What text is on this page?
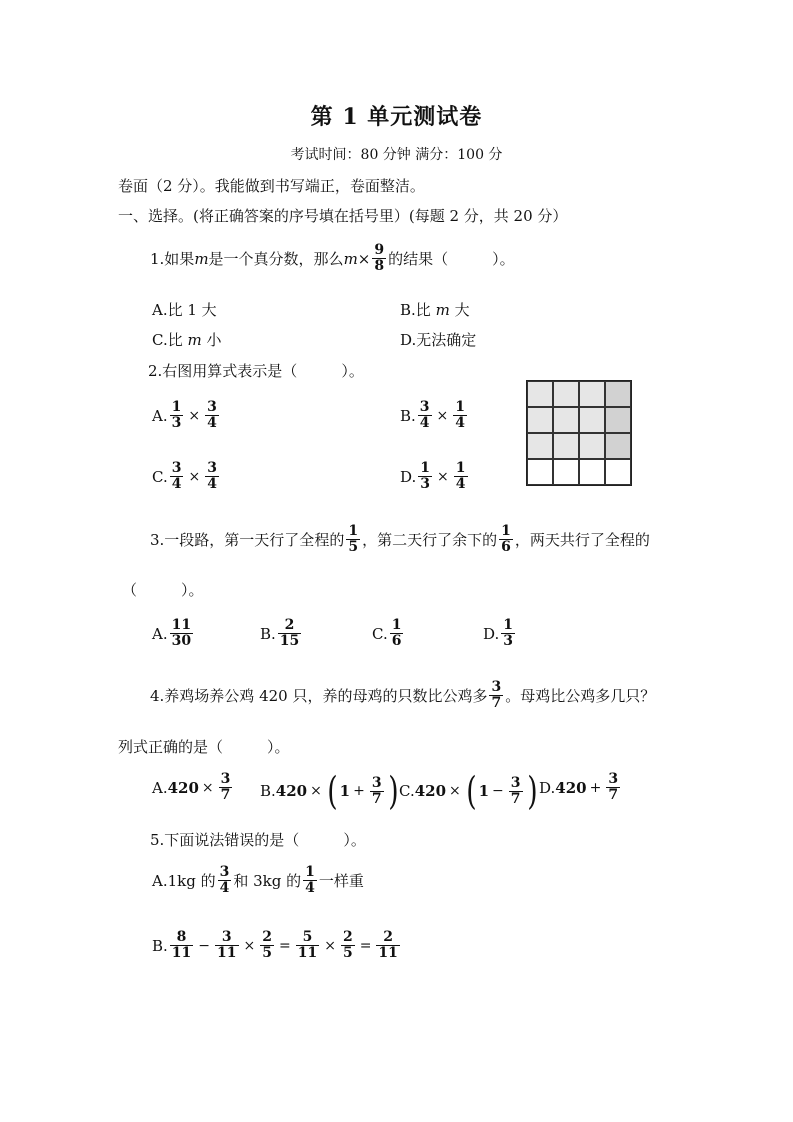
第 1 单元测试卷
考试时间：80 分钟 满分：100 分
卷面（2 分）。我能做到书写端正，卷面整洁。
一、选择。(将正确答案的序号填在括号里）(每题 2 分，共 20 分）
1.如果 m 是一个真分数，那么 $m \times \frac{9}{8}$ 的结果（	）。
A.比 1 大	B.比 m 大
C.比 m 小	D.无法确定
2.右图用算式表示是（	）。
A. $\frac{1}{3} \times \frac{3}{4}$	B. $\frac{3}{4} \times \frac{1}{4}$
C. $\frac{3}{4} \times \frac{3}{4}$	D. $\frac{1}{3} \times \frac{1}{4}$
3.一段路，第一天行了全程的 $\frac{1}{5}$ ，第二天行了余下的 $\frac{1}{6}$ ，两天共行了全程的
（	）。
A. $\frac{11}{30}$	B. $\frac{2}{15}$	C. $\frac{1}{6}$	D. $\frac{1}{3}$
4.养鸡场养公鸡 420 只，养的母鸡的只数比公鸡多 $\frac{3}{7}$ 。母鸡比公鸡多几只？
列式正确的是（	）。
A. $420 \times \frac{3}{7} B$. 420 × ( $1 + \frac{3}{7}$ ) C. 420 × ( $1 - \frac{3}{7}$ ) D. $420 + \frac{3}{7}$
5.下面说法错误的是（	）。
A.1kg 的 $\frac{3}{4}$ 和 3kg 的 $\frac{1}{4}$ 一样重
B. $\frac{8}{11} - \frac{3}{11} \times \frac{2}{5} = \frac{5}{11} \times \frac{2}{5} = \frac{2}{11}$
